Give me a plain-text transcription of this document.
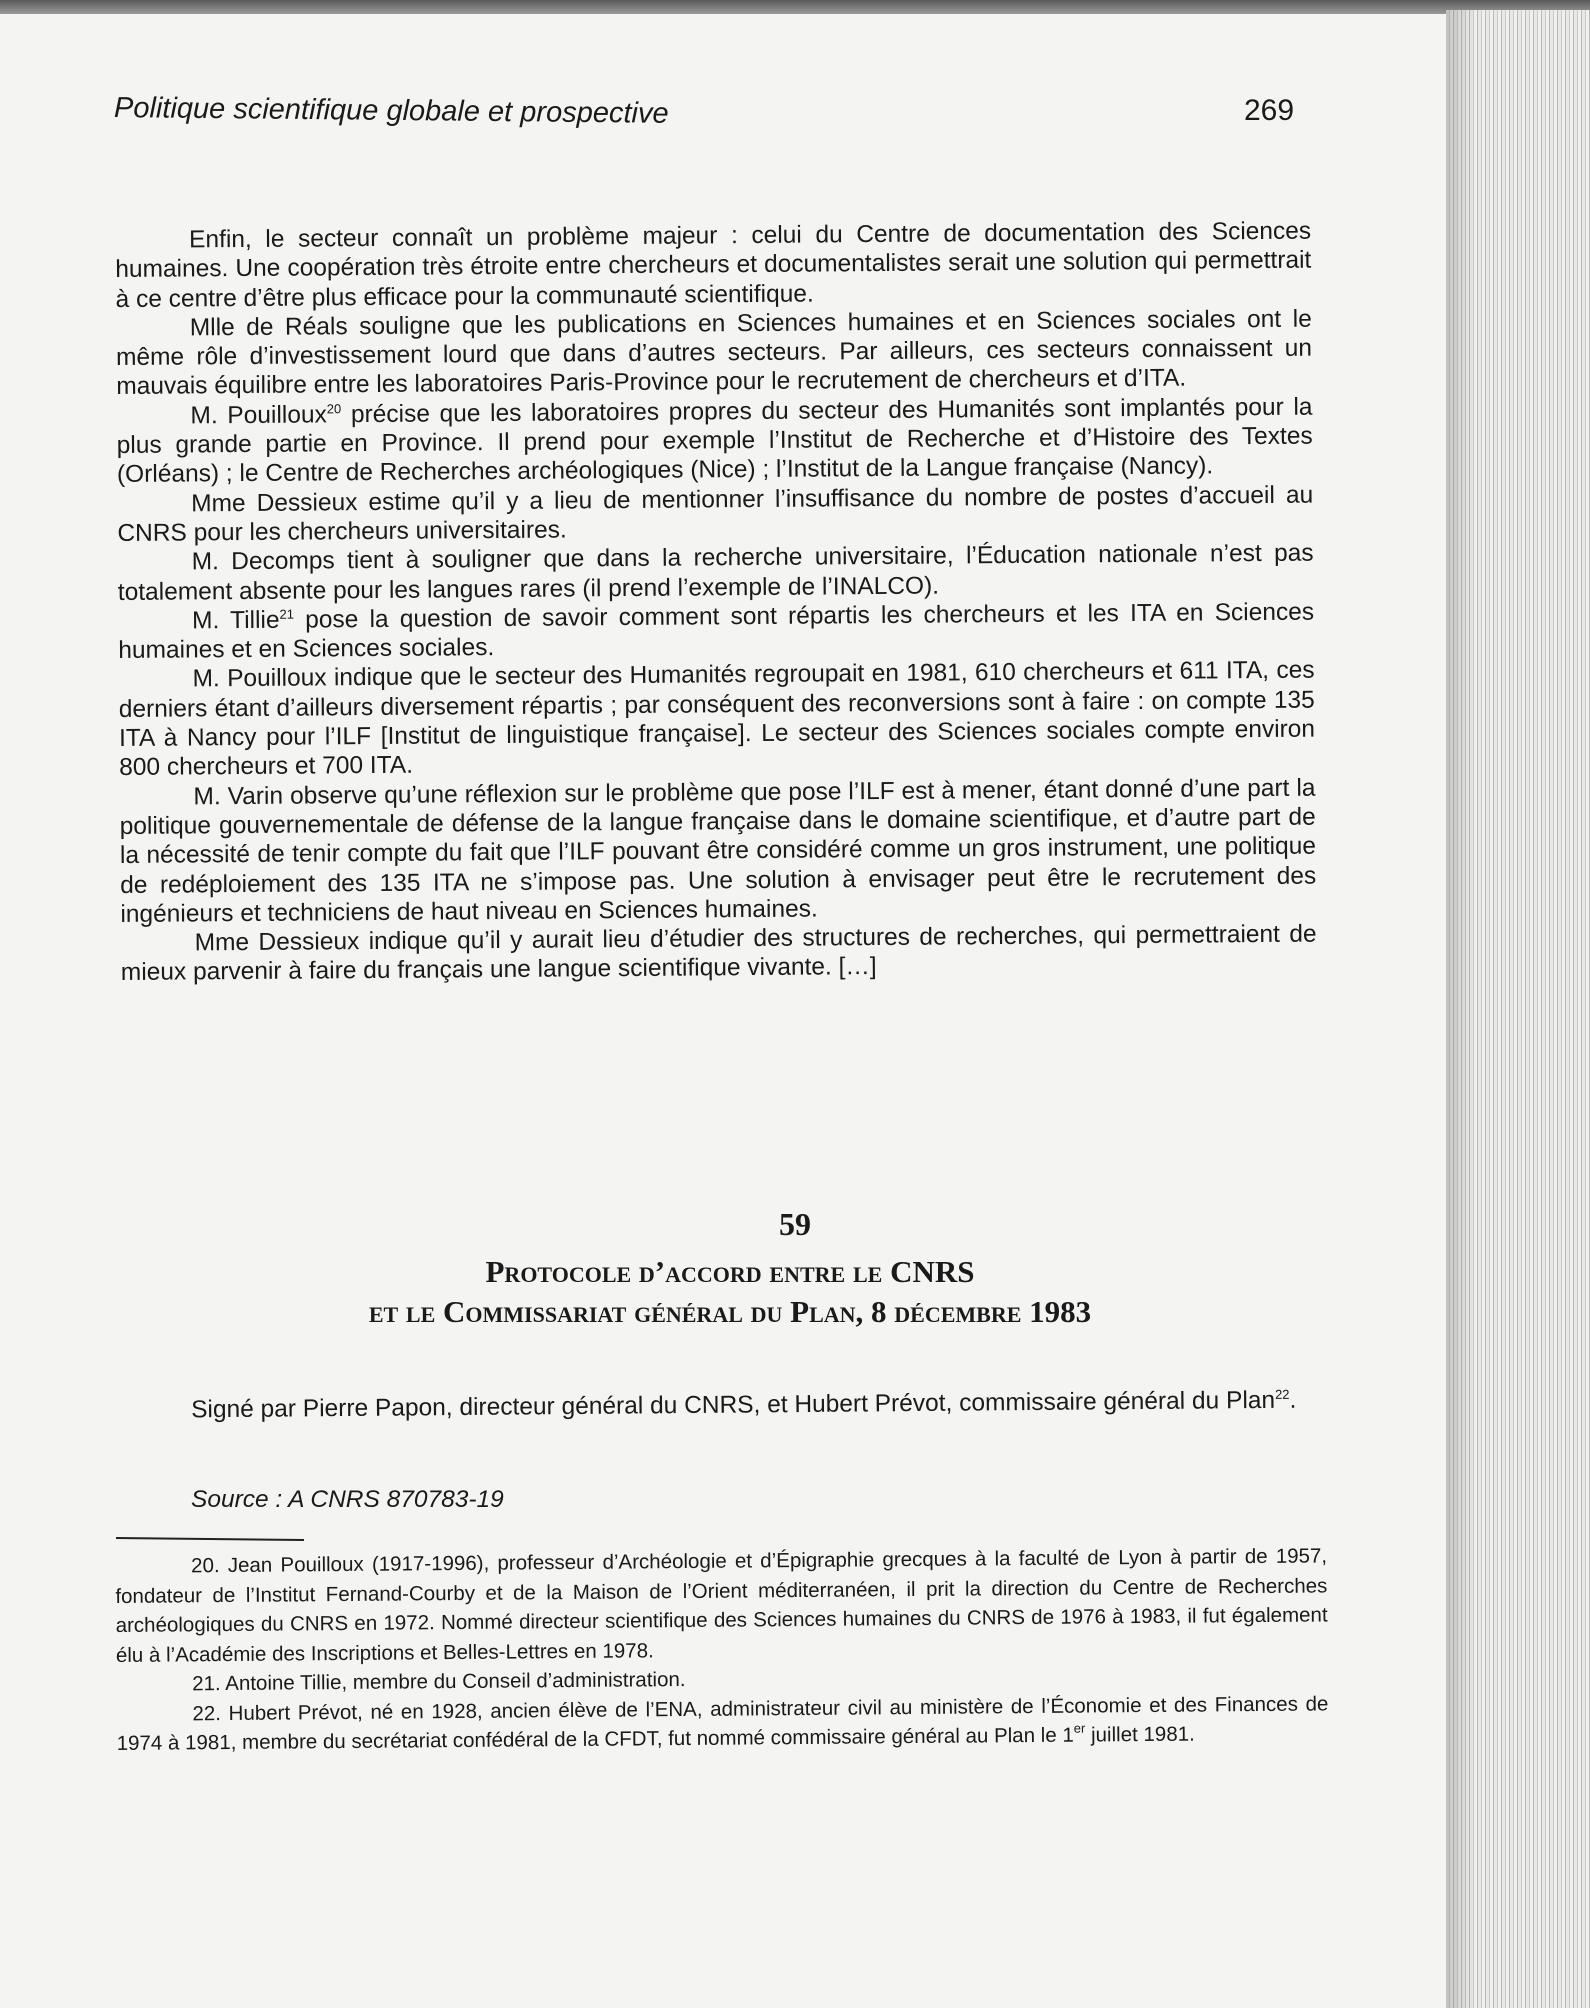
Politique scientifique globale et prospective	269

Enfin, le secteur connaît un problème majeur : celui du Centre de documentation des Sciences humaines. Une coopération très étroite entre chercheurs et documentalistes serait une solution qui permettrait à ce centre d’être plus efficace pour la communauté scientifique.

Mlle de Réals souligne que les publications en Sciences humaines et en Sciences sociales ont le même rôle d’investissement lourd que dans d’autres secteurs. Par ailleurs, ces secteurs connaissent un mauvais équilibre entre les laboratoires Paris-Province pour le recrutement de chercheurs et d’ITA.

M. Pouilloux$^{20}$ précise que les laboratoires propres du secteur des Humanités sont implantés pour la plus grande partie en Province. Il prend pour exemple l’Institut de Recherche et d’Histoire des Textes (Orléans) ; le Centre de Recherches archéologiques (Nice) ; l’Institut de la Langue française (Nancy).

Mme Dessieux estime qu’il y a lieu de mentionner l’insuffisance du nombre de postes d’accueil au CNRS pour les chercheurs universitaires.

M. Decomps tient à souligner que dans la recherche universitaire, l’Éducation nationale n’est pas totalement absente pour les langues rares (il prend l’exemple de l’INALCO).

M. Tillie$^{21}$ pose la question de savoir comment sont répartis les chercheurs et les ITA en Sciences humaines et en Sciences sociales.

M. Pouilloux indique que le secteur des Humanités regroupait en 1981, 610 chercheurs et 611 ITA, ces derniers étant d’ailleurs diversement répartis ; par conséquent des reconversions sont à faire : on compte 135 ITA à Nancy pour l’ILF [Institut de linguistique française]. Le secteur des Sciences sociales compte environ 800 chercheurs et 700 ITA.

M. Varin observe qu’une réflexion sur le problème que pose l’ILF est à mener, étant donné d’une part la politique gouvernementale de défense de la langue française dans le domaine scientifique, et d’autre part de la nécessité de tenir compte du fait que l’ILF pouvant être considéré comme un gros instrument, une politique de redéploiement des 135 ITA ne s’impose pas. Une solution à envisager peut être le recrutement des ingénieurs et techniciens de haut niveau en Sciences humaines.

Mme Dessieux indique qu’il y aurait lieu d’étudier des structures de recherches, qui permettraient de mieux parvenir à faire du français une langue scientifique vivante. […]

59
Protocole d’accord entre le CNRS
et le Commissariat général du Plan, 8 décembre 1983

Signé par Pierre Papon, directeur général du CNRS, et Hubert Prévot, commissaire général du Plan$^{22}$.

Source : A CNRS 870783-19

20. Jean Pouilloux (1917-1996), professeur d’Archéologie et d’Épigraphie grecques à la faculté de Lyon à partir de 1957, fondateur de l’Institut Fernand-Courby et de la Maison de l’Orient méditerranéen, il prit la direction du Centre de Recherches archéologiques du CNRS en 1972. Nommé directeur scientifique des Sciences humaines du CNRS de 1976 à 1983, il fut également élu à l’Académie des Inscriptions et Belles-Lettres en 1978.

21. Antoine Tillie, membre du Conseil d’administration.

22. Hubert Prévot, né en 1928, ancien élève de l’ENA, administrateur civil au ministère de l’Économie et des Finances de 1974 à 1981, membre du secrétariat confédéral de la CFDT, fut nommé commissaire général au Plan le 1er juillet 1981.
